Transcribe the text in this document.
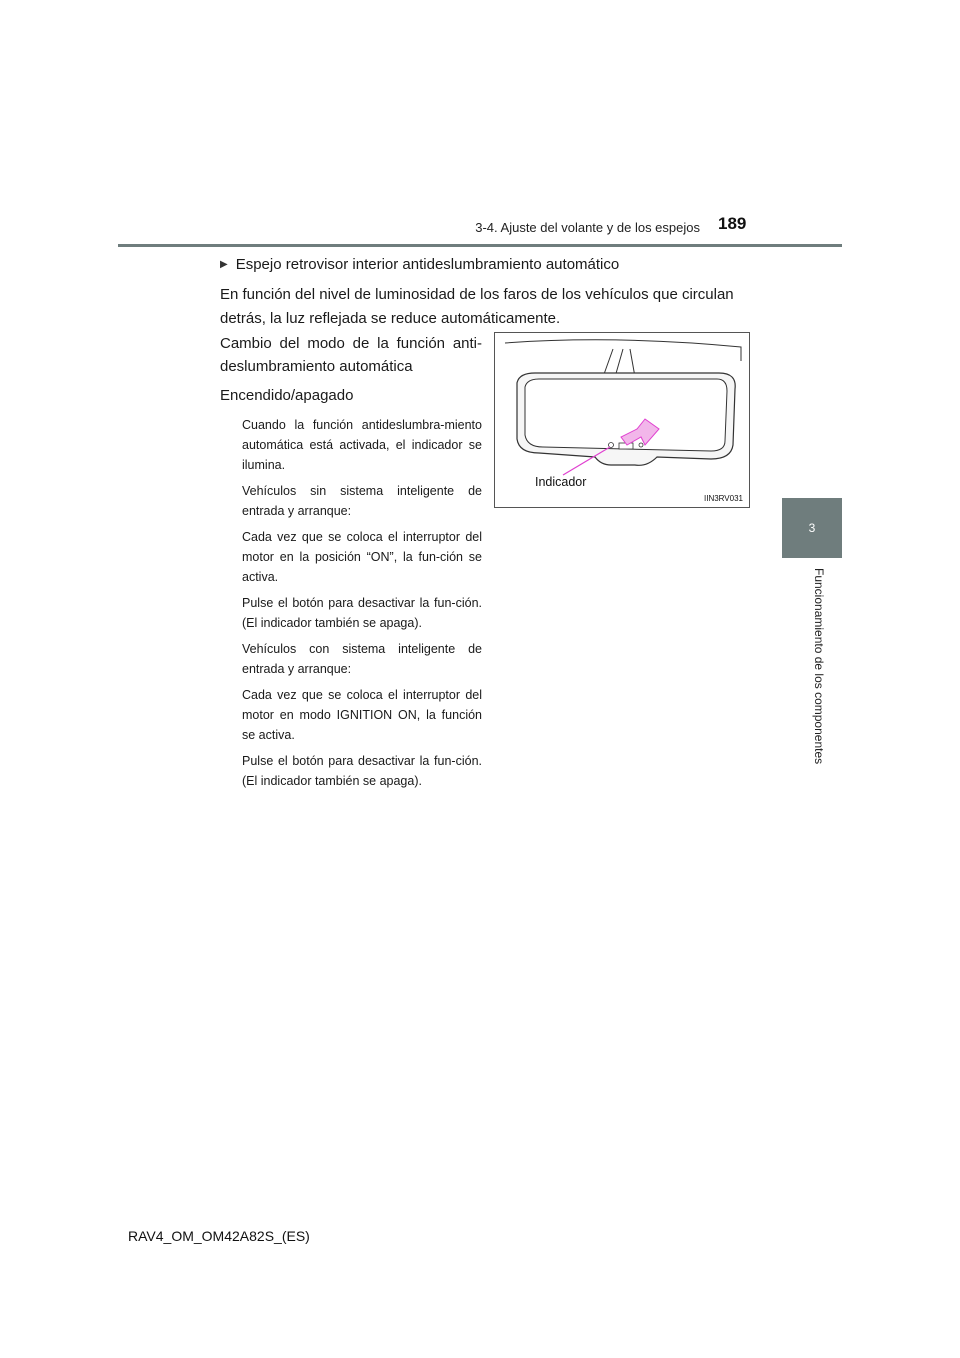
3-4. Ajuste del volante y de los espejos 189
3
Funcionamiento de los componentes
▶ Espejo retrovisor interior antideslumbramiento automático

En función del nivel de luminosidad de los faros de los vehículos que circulan detrás, la luz reflejada se reduce automáticamente.

Cambio del modo de la función anti-deslumbramiento automática

Encendido/apagado

Cuando la función antideslumbra-miento automática está activada, el indicador se ilumina.

Vehículos sin sistema inteligente de entrada y arranque:

Cada vez que se coloca el interruptor del motor en la posición “ON”, la fun-ción se activa.

Pulse el botón para desactivar la fun-ción. (El indicador también se apaga).

Vehículos con sistema inteligente de entrada y arranque:

Cada vez que se coloca el interruptor del motor en modo IGNITION ON, la función se activa.

Pulse el botón para desactivar la fun-ción. (El indicador también se apaga).

Indicador
IIN3RV031
RAV4_OM_OM42A82S_(ES)
